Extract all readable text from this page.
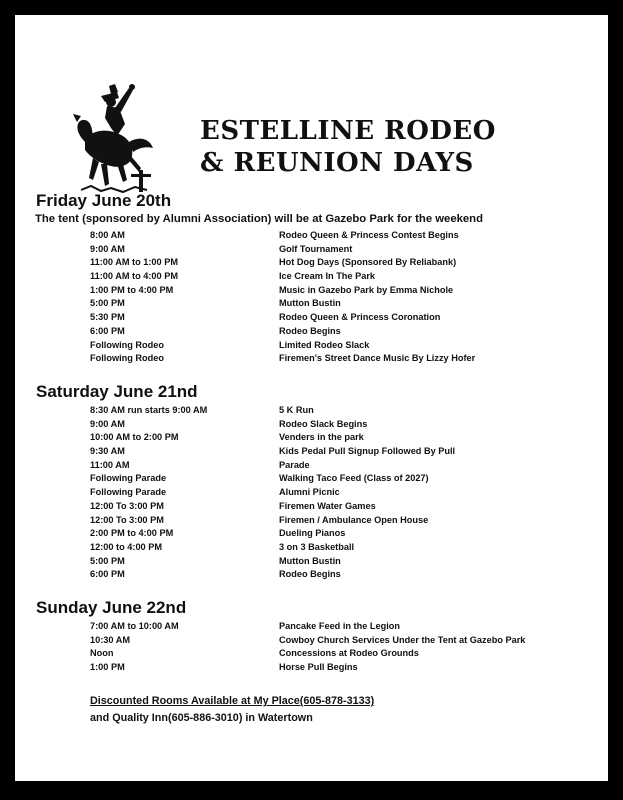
ESTELLINE RODEO
& REUNION DAYS
Friday June 20th
The tent (sponsored by Alumni Association) will be at Gazebo Park for the weekend
8:00 AM	Rodeo Queen & Princess Contest Begins
9:00 AM	Golf Tournament
11:00 AM to 1:00 PM	Hot Dog Days (Sponsored By Reliabank)
11:00 AM to 4:00 PM	Ice Cream In The Park
1:00 PM to 4:00 PM	Music in Gazebo Park by Emma Nichole
5:00 PM	Mutton Bustin
5:30 PM	Rodeo Queen & Princess Coronation
6:00 PM	Rodeo Begins
Following Rodeo	Limited Rodeo Slack
Following Rodeo	Firemen's Street Dance Music By Lizzy Hofer
Saturday June 21nd
8:30 AM run starts 9:00 AM	5 K Run
9:00 AM	Rodeo Slack Begins
10:00 AM to 2:00 PM	Venders in the park
9:30 AM	Kids Pedal Pull Signup Followed By Pull
11:00 AM	Parade
Following Parade	Walking Taco Feed (Class of 2027)
Following Parade	Alumni Picnic
12:00 To 3:00 PM	Firemen Water Games
12:00 To 3:00 PM	Firemen / Ambulance Open House
2:00 PM to 4:00 PM	Dueling Pianos
12:00 to 4:00 PM	3 on 3 Basketball
5:00 PM	Mutton Bustin
6:00 PM	Rodeo Begins
Sunday June 22nd
7:00 AM to 10:00 AM	Pancake Feed in the Legion
10:30 AM	Cowboy Church Services Under the Tent at Gazebo Park
Noon	Concessions at Rodeo Grounds
1:00 PM	Horse Pull Begins
Discounted Rooms Available at My Place(605-878-3133)
and Quality Inn(605-886-3010) in Watertown
